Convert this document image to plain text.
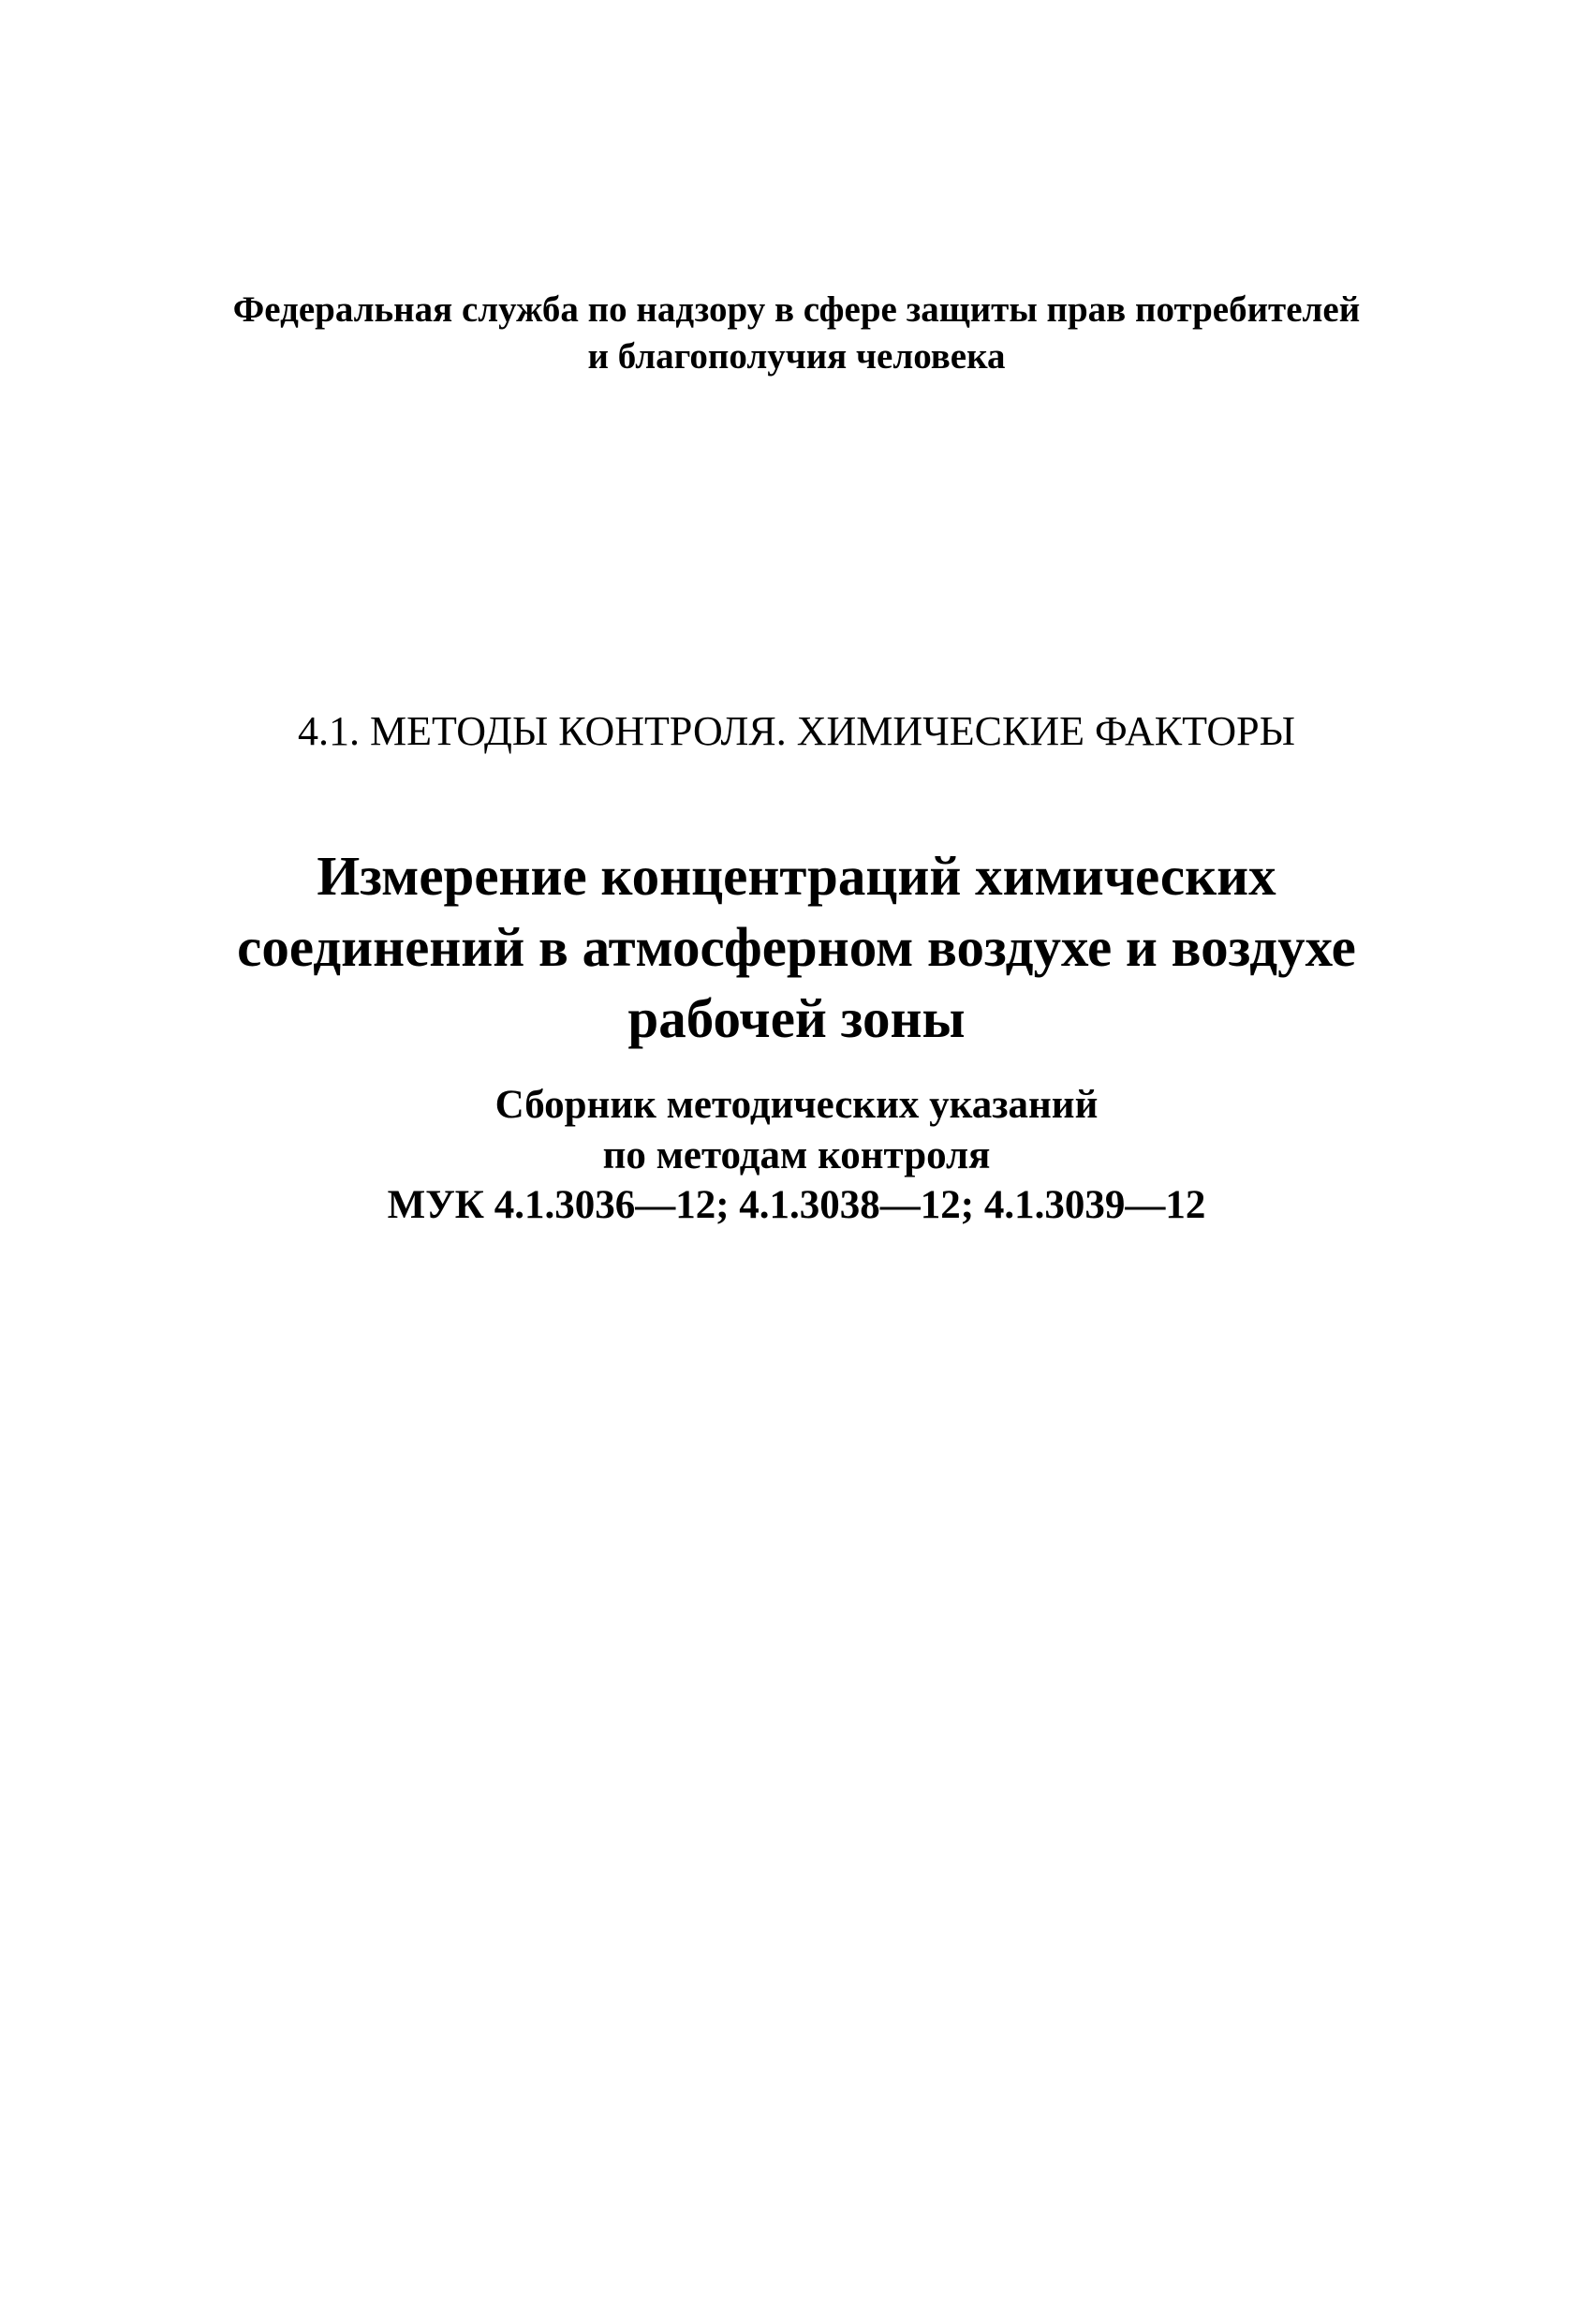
Федеральная служба по надзору в сфере защиты прав потребителей
и благополучия человека
4.1. МЕТОДЫ КОНТРОЛЯ. ХИМИЧЕСКИЕ ФАКТОРЫ
Измерение концентраций химических
соединений в атмосферном воздухе и воздухе
рабочей зоны
Сборник методических указаний
по методам контроля
МУК 4.1.3036—12; 4.1.3038—12; 4.1.3039—12
